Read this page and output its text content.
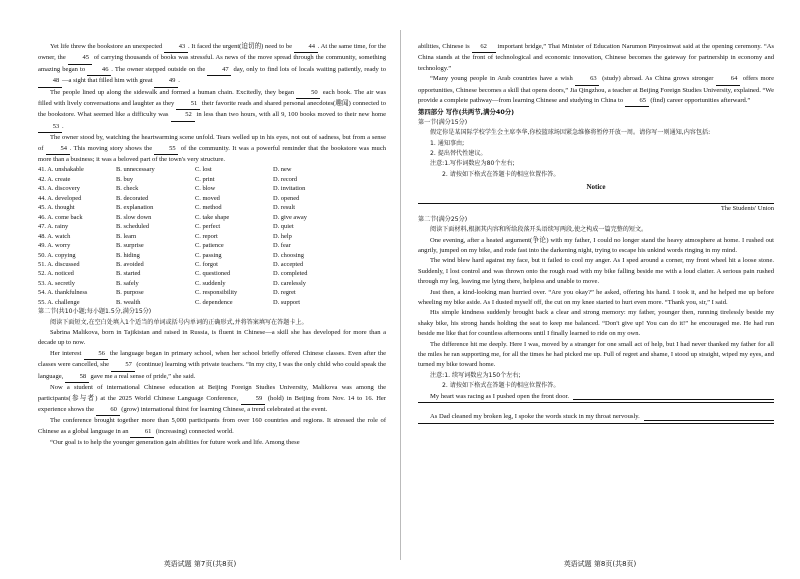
Yet life threw the bookstore an unexpected 43 . It faced the urgent(迫切的) need to be 44 . At the same time, for the owner, the 45 of carrying thousands of books was stressful. As news of the move spread through the community, something amazing began to 46 . The owner stepped outside on the 47 day, only to find lots of locals waiting patiently, ready to 48 —a sight that filled him with great 49 .

The people lined up along the sidewalk and formed a human chain. Excitedly, they began 50 each book. The air was filled with lively conversations and laughter as they 51 their favorite reads and shared personal anecdotes(趣闻) connected to the bookstore. What seemed like a difficulty was 52 in less than two hours, with all 9, 100 books moved to their new home 53 .

The owner stood by, watching the heartwarming scene unfold. Tears welled up in his eyes, not out of sadness, but from a sense of 54 . This moving story shows the 55 of the community. It was a powerful reminder that the bookstore was much more than a business; it was a beloved part of the town's very structure.

41. A. unshakable	B. unnecessary	C. lost	D. new
42. A. create	B. buy	C. print	D. record
43. A. discovery	B. check	C. blow	D. invitation
44. A. developed	B. decorated	C. moved	D. opened
45. A. thought	B. explanation	C. method	D. result
46. A. come back	B. slow down	C. take shape	D. give away
47. A. rainy	B. scheduled	C. perfect	D. quiet
48. A. watch	B. learn	C. report	D. help
49. A. worry	B. surprise	C. patience	D. fear
50. A. copying	B. hiding	C. passing	D. choosing
51. A. discussed	B. avoided	C. forgot	D. accepted
52. A. noticed	B. started	C. questioned	D. completed
53. A. secretly	B. safely	C. suddenly	D. carelessly
54. A. thankfulness	B. purpose	C. responsibility	D. regret
55. A. challenge	B. wealth	C. dependence	D. support

第二节(共10小题;每小题1.5分,满分15分)

阅读下面短文,在空白处填入1个适当的单词或括号内单词的正确形式,并将答案填写在答题卡上。

Sabrina Malikova, born in Tajikistan and raised in Russia, is fluent in Chinese—a skill she has developed for more than a decade up to now.

Her interest 56 the language began in primary school, when her school briefly offered Chinese classes. Even after the classes were cancelled, she 57 (continue) learning with private teachers. “In my city, I was the only child who could speak the language, 58 gave me a real sense of pride,” she said.

Now a student of international Chinese education at Beijing Foreign Studies University, Malikova was among the participants(参与者) at the 2025 World Chinese Language Conference, 59 (hold) in Beijing from Nov. 14 to 16. Her experience shows the 60 (grow) international thirst for learning Chinese, a trend celebrated at the event.

The conference brought together more than 5,000 participants from over 160 countries and regions. It stressed the role of Chinese as a global language in an 61 (increasing) connected world.

“Our goal is to help the younger generation gain abilities for future work and life. Among these

英语试题 第7页(共8页)

abilities, Chinese is 62 important bridge,” Thai Minister of Education Narumon Pinyosinwat said at the opening ceremony. “As China stands at the front of technological and economic innovation, Chinese becomes the gateway for partnership in economy and technology.”

“Many young people in Arab countries have a wish 63 (study) abroad. As China grows stronger 64 offers more opportunities, Chinese becomes a skill that opens doors,” Jia Qingzhou, a teacher at Beijing Foreign Studies University, explained. “We provide a complete pathway—from learning Chinese and studying in China to 65 (find) career opportunities afterward.”

第四部分 写作(共两节,满分40分)

第一节(满分15分)

假定你是某国际学校学生会主席李华,你校篮球场因紧急维修将暂停开放一周。请你写一则通知,内容包括:

1. 通知事由;

2. 提出替代性建议。

注意:1.写作词数应为80个左右;

2. 请按如下格式在答题卡的相应位置作答。

Notice
The Students' Union

第二节(满分25分)

阅读下面材料,根据其内容和所给段落开头语续写两段,使之构成一篇完整的短文。

One evening, after a heated argument(争论) with my father, I could no longer stand the heavy atmosphere at home. I rushed out angrily, jumped on my bike, and rode fast into the darkening night, trying to escape his unkind words ringing in my mind.

The wind blew hard against my face, but it failed to cool my anger. As I sped around a corner, my front wheel hit a loose stone. Suddenly, I lost control and was thrown onto the rough road with my bike falling beside me with a loud clatter. A serious pain rushed through my leg, leaving me lying there, helpless and unable to move.

Just then, a kind-looking man hurried over. “Are you okay?” he asked, offering his hand. I took it, and he helped me up before wheeling my bike aside. As I dusted myself off, the cut on my knee started to hurt even more. “Thank you, sir,” I said.

His simple kindness suddenly brought back a clear and strong memory: my father, younger then, running tirelessly beside my shaky bike, his strong hands holding the seat to keep me balanced. “Don't give up! You can do it!” he encouraged me. He had run beside me like that for countless afternoons until I finally learned to ride on my own.

The difference hit me deeply. Here I was, moved by a stranger for one small act of help, but I had never thanked my father for all the miles he ran supporting me, for all the times he had picked me up. Full of regret and shame, I stood up straight, wiped my eyes, and turned my bike toward home.

注意:1. 续写词数应为150个左右;

2. 请按如下格式在答题卡的相应位置作答。

My heart was racing as I pushed open the front door.
As Dad cleaned my broken leg, I spoke the words stuck in my throat nervously.
英语试题 第8页(共8页)
